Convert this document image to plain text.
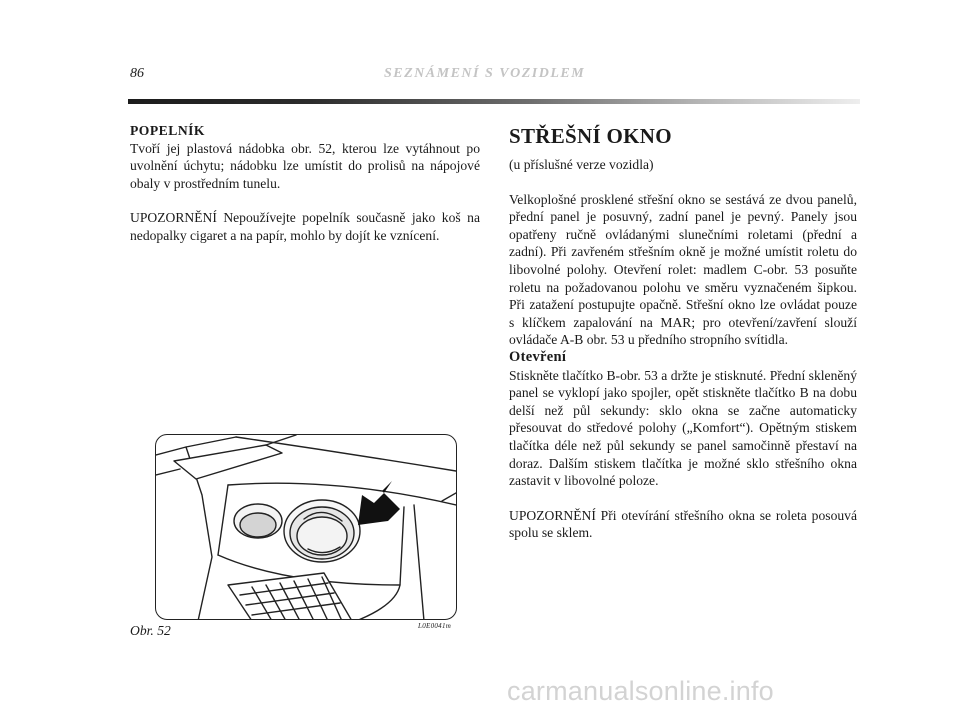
86	SEZNÁMENÍ S VOZIDLEM

POPELNÍK

Tvoří jej plastová nádobka obr. 52, kterou lze vytáhnout po uvolnění úchytu; nádobku lze umístit do prolisů na nápojové obaly v prostředním tunelu.

UPOZORNĚNÍ Nepoužívejte popelník současně jako koš na nedopalky cigaret a na papír, mohlo by dojít ke vznícení.

Obr. 52	L0E0041m

STŘEŠNÍ OKNO

(u příslušné verze vozidla)

Velkoplošné prosklené střešní okno se sestává ze dvou panelů, přední panel je posuvný, zadní panel je pevný. Panely jsou opatřeny ručně ovládanými slunečními roletami (přední a zadní). Při zavřeném střešním okně je možné umístit roletu do libovolné polohy. Otevření rolet: madlem C-obr. 53 posuňte roletu na požadovanou polohu ve směru vyznačeném šipkou. Při zatažení postupujte opačně. Střešní okno lze ovládat pouze s klíčkem zapalování na MAR; pro otevření/zavření slouží ovládače A-B obr. 53 u předního stropního svítidla.

Otevření

Stiskněte tlačítko B-obr. 53 a držte je stisknuté. Přední skleněný panel se vyklopí jako spojler, opět stiskněte tlačítko B na dobu delší než půl sekundy: sklo okna se začne automaticky přesouvat do středové polohy („Komfort“). Opětným stiskem tlačítka déle než půl sekundy se panel samočinně přestaví na doraz. Dalším stiskem tlačítka je možné sklo střešního okna zastavit v libovolné poloze.

UPOZORNĚNÍ Při otevírání střešního okna se roleta posouvá spolu se sklem.

carmanualsonline.info
